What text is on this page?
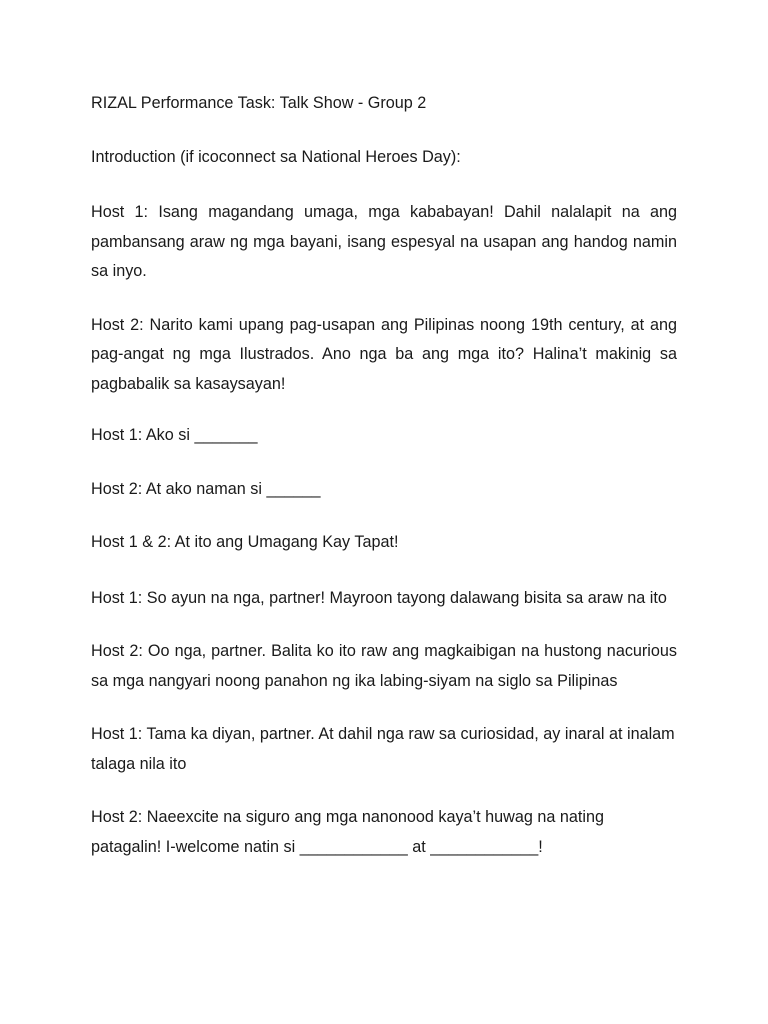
RIZAL Performance Task: Talk Show - Group 2

Introduction (if icoconnect sa National Heroes Day):

Host 1: Isang magandang umaga, mga kababayan! Dahil nalalapit na ang pambansang araw ng mga bayani, isang espesyal na usapan ang handog namin sa inyo.

Host 2: Narito kami upang pag-usapan ang Pilipinas noong 19th century, at ang pag-angat ng mga Ilustrados. Ano nga ba ang mga ito? Halina’t makinig sa pagbabalik sa kasaysayan!

Host 1: Ako si _______

Host 2: At ako naman si ______

Host 1 & 2: At ito ang Umagang Kay Tapat!

Host 1: So ayun na nga, partner! Mayroon tayong dalawang bisita sa araw na ito

Host 2: Oo nga, partner. Balita ko ito raw ang magkaibigan na hustong nacurious sa mga nangyari noong panahon ng ika labing-siyam na siglo sa Pilipinas

Host 1: Tama ka diyan, partner. At dahil nga raw sa curiosidad, ay inaral at inalam talaga nila ito

Host 2: Naeexcite na siguro ang mga nanonood kaya’t huwag na nating patagalin! I-welcome natin si ____________ at ____________!
